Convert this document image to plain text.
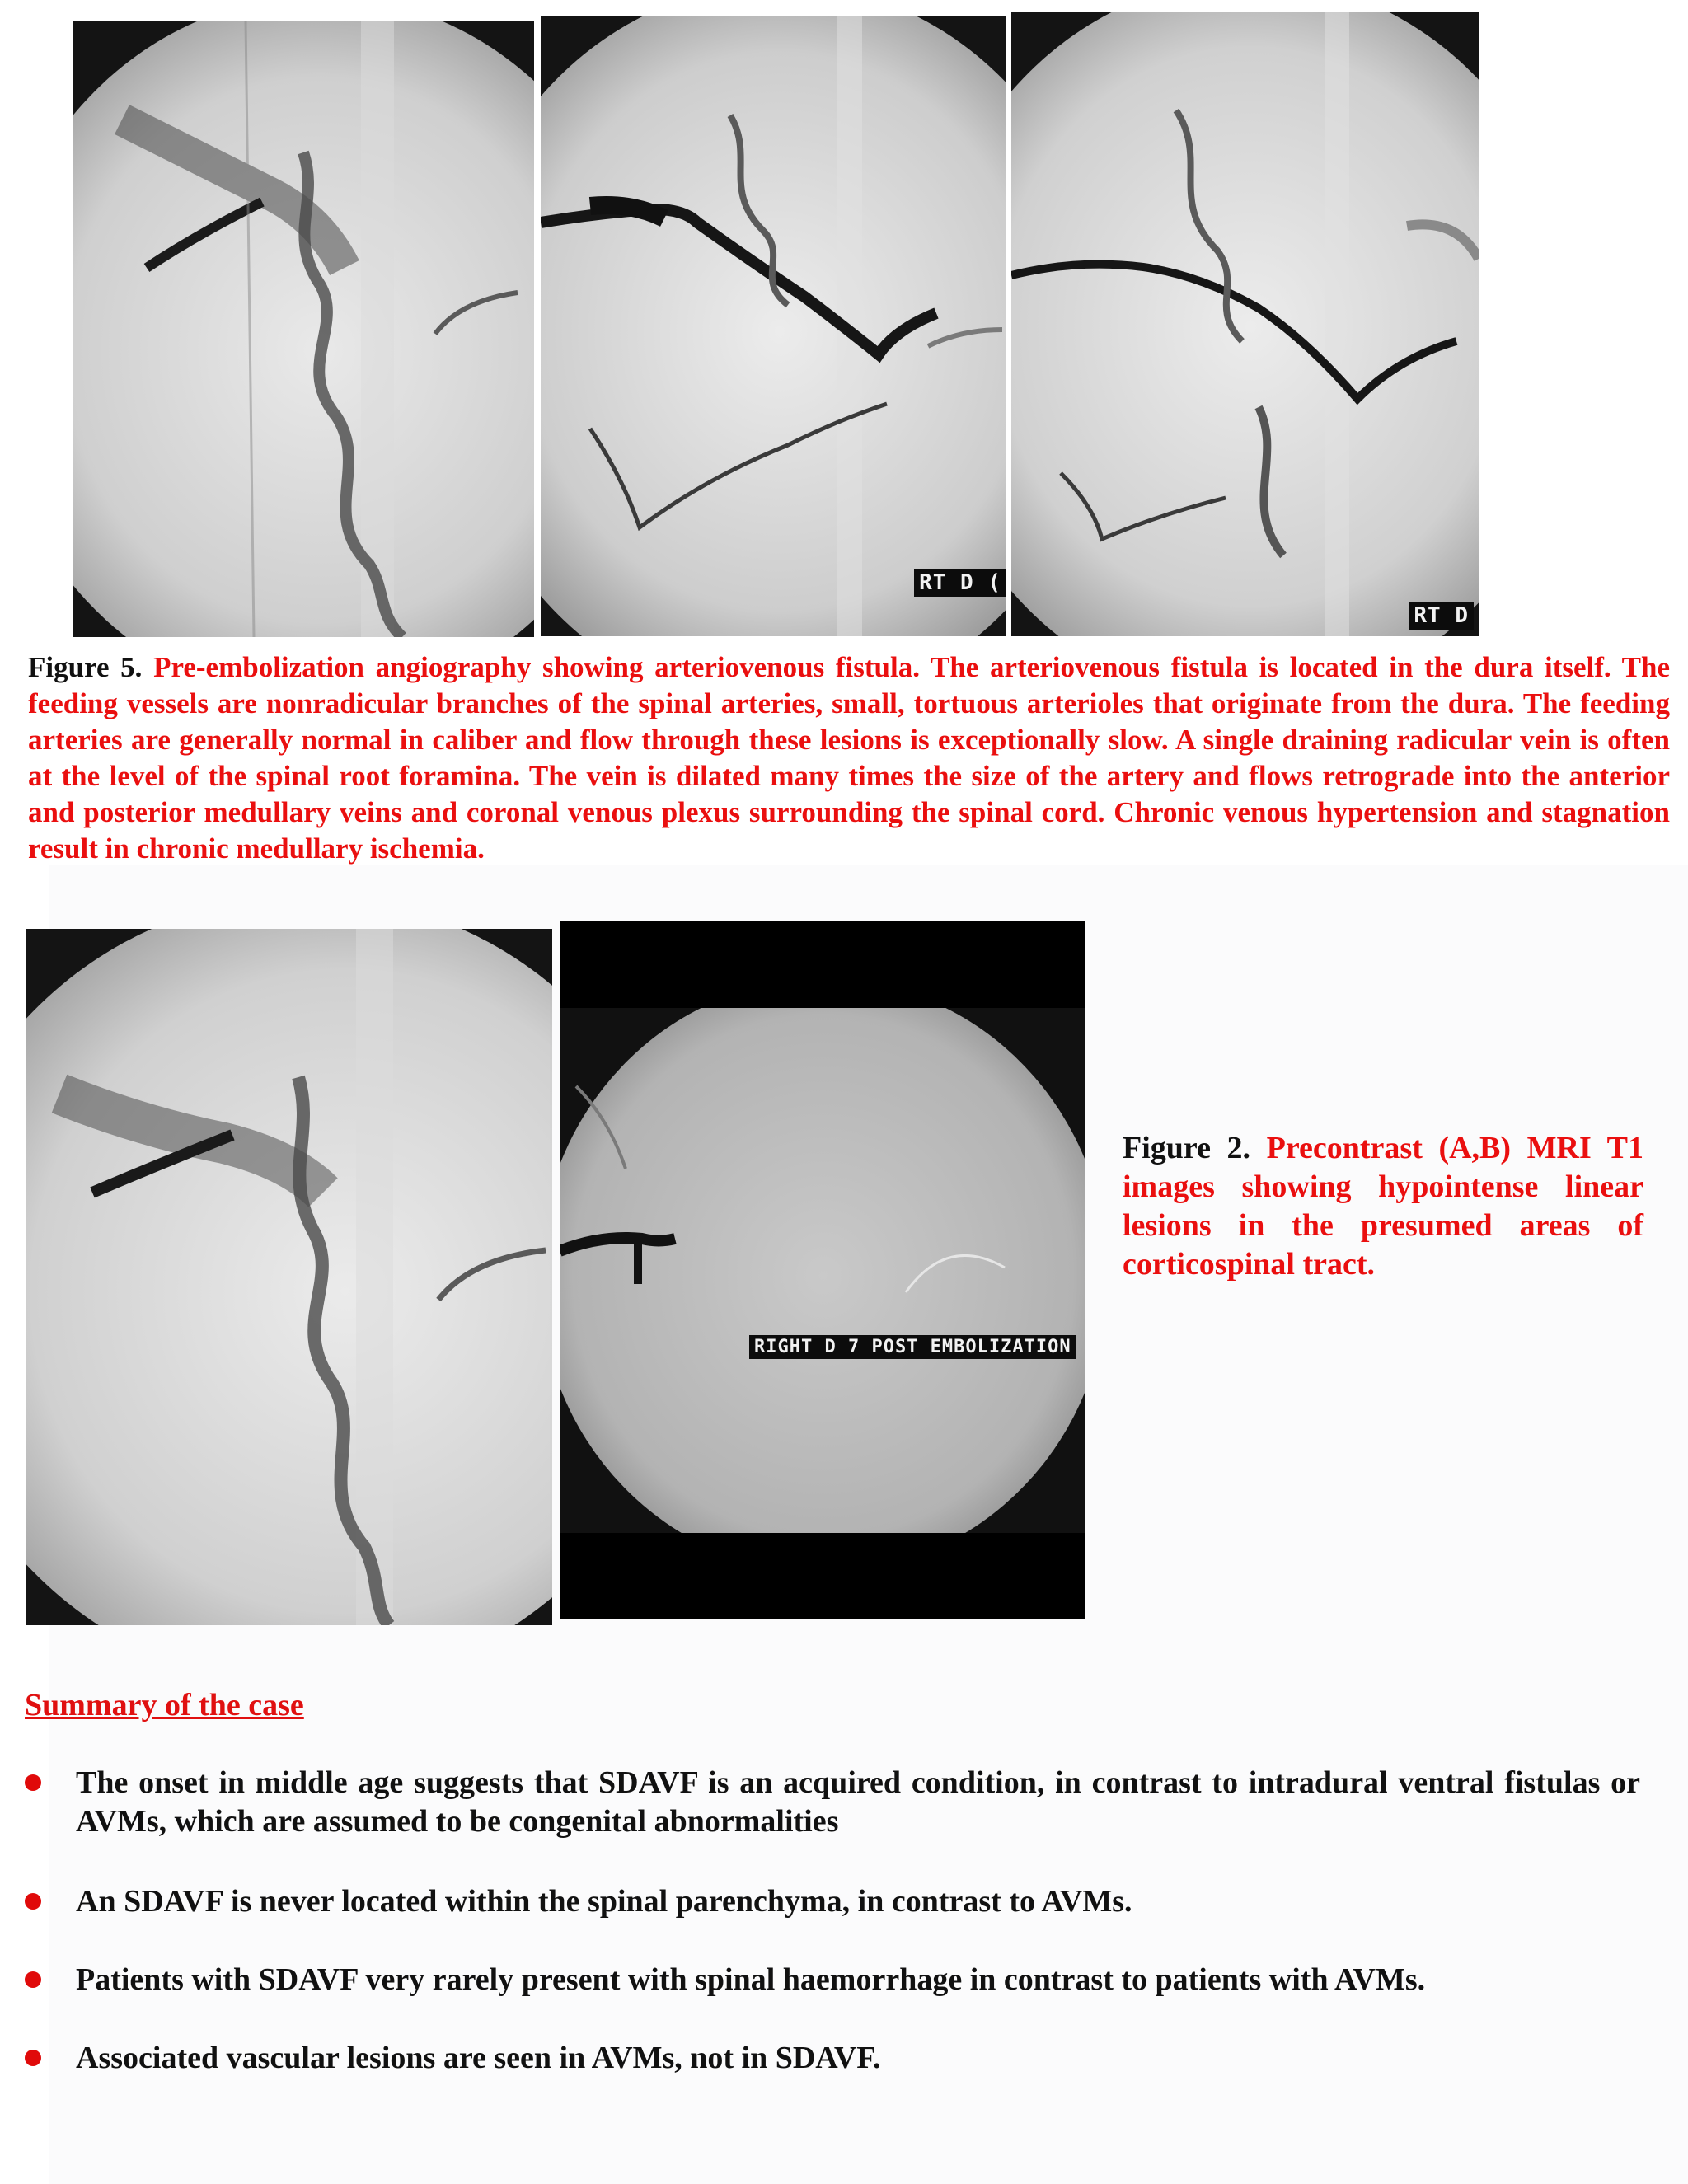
RT D (
RT D
Figure 5. Pre-embolization angiography showing arteriovenous fistula. The arteriovenous fistula is located in the dura itself. The feeding vessels are nonradicular branches of the spinal arteries, small, tortuous arterioles that originate from the dura. The feeding arteries are generally normal in caliber and flow through these lesions is exceptionally slow. A single draining radicular vein is often at the level of the spinal root foramina. The vein is dilated many times the size of the artery and flows retrograde into the anterior and posterior medullary veins and coronal venous plexus surrounding the spinal cord. Chronic venous hypertension and stagnation result in chronic medullary ischemia.
RIGHT D 7 POST EMBOLIZATION
Figure 2. Precontrast (A,B) MRI T1 images showing hypointense linear lesions in the presumed areas of corticospinal tract.
Summary of the case
The onset in middle age suggests that SDAVF is an acquired condition, in contrast to intradural ventral fistulas or AVMs, which are assumed to be congenital abnormalities
An SDAVF is never located within the spinal parenchyma, in contrast to AVMs.
Patients with SDAVF very rarely present with spinal haemorrhage in contrast to patients with AVMs.
Associated vascular lesions are seen in AVMs, not in SDAVF.
